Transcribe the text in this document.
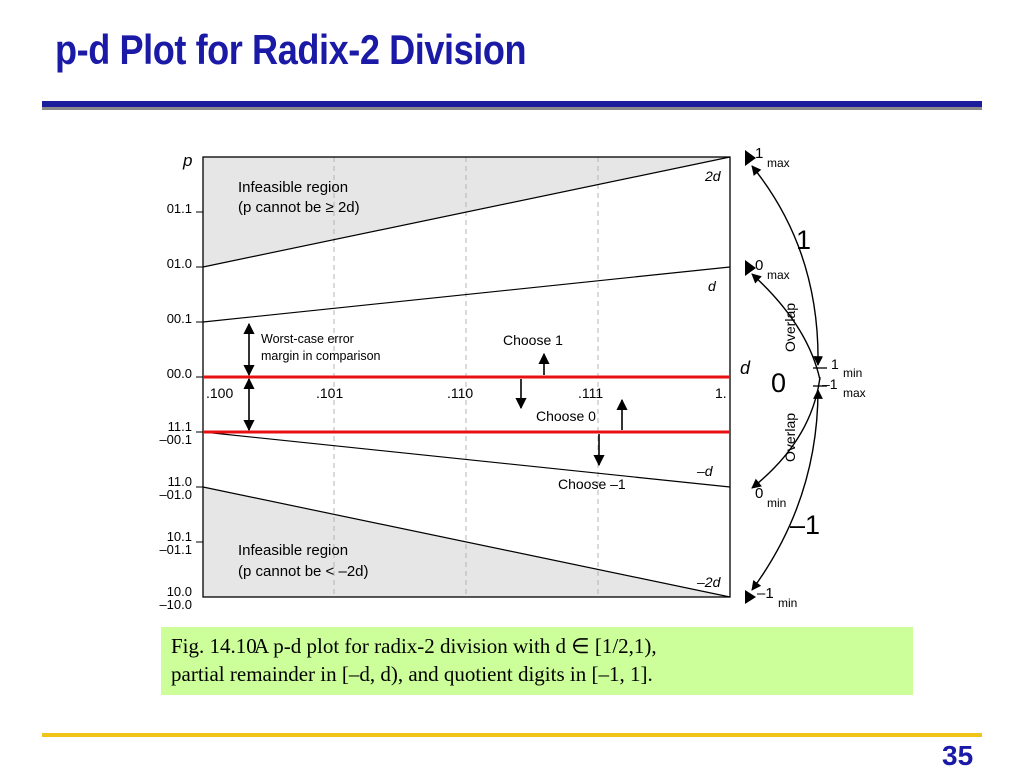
p-d Plot for Radix-2 Division
p
d
01.1
01.0
00.1
00.0
11.1
–00.1
11.0
–01.0
10.1
–01.1
10.0
–10.0
.100	.101	.110	.111	1.
2d
d
–d
–2d
Infeasible region
(p cannot be ≥ 2d)
Infeasible region
(p cannot be < –2d)
Worst-case error
margin in comparison
Choose 1
Choose 0
Choose –1
1
max
0
max
1
min
–1
max
0
min
–1
min
1
0
–1
Overlap
Overlap
Fig. 14.10A p-d plot for radix-2 division with d ∈ [1/2,1),
partial remainder in [–d, d), and quotient digits in [–1, 1].
35
